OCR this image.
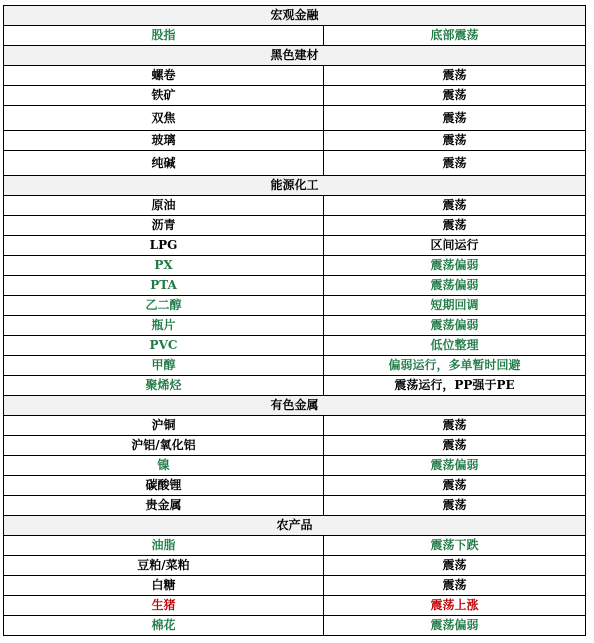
宏观金融	
股指	底部震荡
黑色建材	
螺卷	震荡
铁矿	震荡
双焦	震荡
玻璃	震荡
纯碱	震荡
能源化工	
原油	震荡
沥青	震荡
LPG	区间运行
PX	震荡偏弱
PTA	震荡偏弱
乙二醇	短期回调
瓶片	震荡偏弱
PVC	低位整理
甲醇	偏弱运行，多单暂时回避
聚烯烃	震荡运行，PP强于PE
有色金属	
沪铜	震荡
沪铝/氧化铝	震荡
镍	震荡偏弱
碳酸锂	震荡
贵金属	震荡
农产品	
油脂	震荡下跌
豆粕/菜粕	震荡
白糖	震荡
生猪	震荡上涨
棉花	震荡偏弱
